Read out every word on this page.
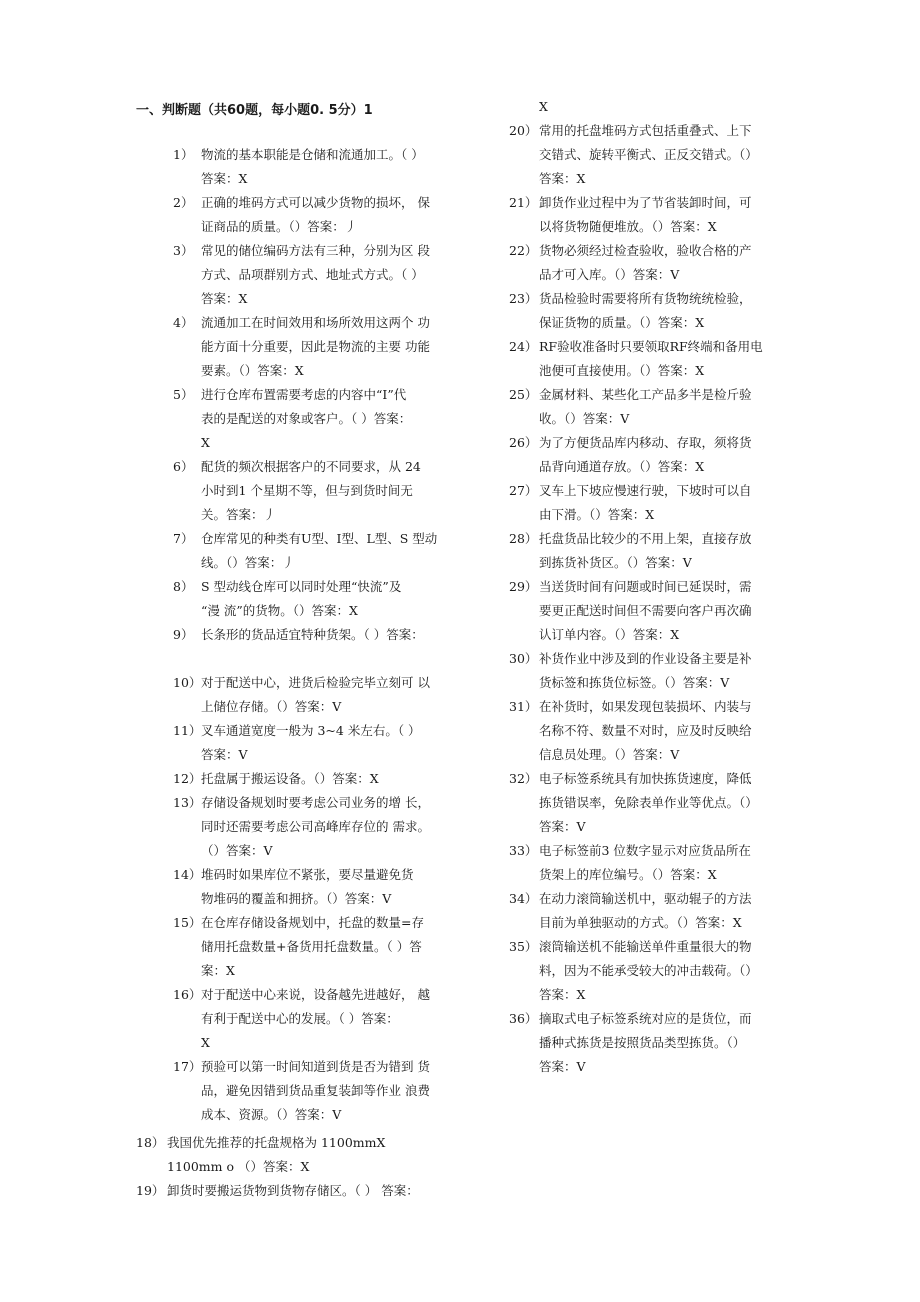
一、判断题（共60题，每小题0. 5分）1
1） 物流的基本职能是仓储和流通加工。（ ）
答案：X
2） 正确的堆码方式可以减少货物的损坏， 保
证商品的质量。（）答案：丿
3） 常见的储位编码方法有三种，分别为区 段
方式、品项群别方式、地址式方式。（ ）
答案：X
4） 流通加工在时间效用和场所效用这两个 功
能方面十分重要，因此是物流的主要 功能
要素。（）答案：X
5） 进行仓库布置需要考虑的内容中“I”代
表的是配送的对象或客户。（ ）答案：
X
6） 配货的频次根据客户的不同要求，从 24
小时到1 个星期不等，但与到货时间无
关。答案：丿
7） 仓库常见的种类有U型、I型、L型、S 型动
线。（）答案：丿
8） S 型动线仓库可以同时处理“快流”及
“漫 流”的货物。（）答案：X
9） 长条形的货品适宜特种货架。（ ）答案：
10） 对于配送中心，进货后检验完毕立刻可 以
上储位存储。（）答案：V
11） 叉车通道宽度一般为 3~4 米左右。（ ）
答案：V
12） 托盘属于搬运设备。（）答案：X
13） 存储设备规划时要考虑公司业务的增 长，
同时还需要考虑公司高峰库存位的 需求。
（）答案：V
14） 堆码时如果库位不紧张，要尽量避免货
物堆码的覆盖和拥挤。（）答案：V
15） 在仓库存储设备规划中，托盘的数量=存
储用托盘数量+备货用托盘数量。（ ）答
案：X
16） 对于配送中心来说，设备越先进越好， 越
有利于配送中心的发展。（ ）答案：
X
17） 预验可以第一时间知道到货是否为错到 货
品，避免因错到货品重复装卸等作业 浪费
成本、资源。（）答案：V
18） 我国优先推荐的托盘规格为 1100mmX
1100mm o （）答案：X
19） 卸货时要搬运货物到货物存储区。（ ） 答案：
X
20） 常用的托盘堆码方式包括重叠式、上下
交错式、旋转平衡式、正反交错式。（）
答案：X
21） 卸货作业过程中为了节省装卸时间，可
以将货物随便堆放。（）答案：X
22） 货物必须经过检查验收，验收合格的产
品才可入库。（）答案：V
23） 货品检验时需要将所有货物统统检验，
保证货物的质量。（）答案：X
24） RF验收准备时只要领取RF终端和备用电
池便可直接使用。（）答案：X
25） 金属材料、某些化工产品多半是检斤验
收。（）答案：V
26） 为了方便货品库内移动、存取，须将货
品背向通道存放。（）答案：X
27） 叉车上下坡应慢速行驶，下坡时可以自
由下滑。（）答案：X
28） 托盘货品比较少的不用上架，直接存放
到拣货补货区。（）答案：V
29） 当送货时间有问题或时间已延误时，需
要更正配送时间但不需要向客户再次确
认订单内容。（）答案：X
30） 补货作业中涉及到的作业设备主要是补
货标签和拣货位标签。（）答案：V
31） 在补货时，如果发现包装损坏、内装与
名称不符、数量不对时，应及时反映给
信息员处理。（）答案：V
32） 电子标签系统具有加快拣货速度，降低
拣货错误率，免除表单作业等优点。（）
答案：V
33） 电子标签前3 位数字显示对应货品所在
货架上的库位编号。（）答案：X
34） 在动力滚筒输送机中，驱动辊子的方法
目前为单独驱动的方式。（）答案：X
35） 滚筒输送机不能输送单件重量很大的物
料，因为不能承受较大的冲击载荷。（）
答案：X
36） 摘取式电子标签系统对应的是货位，而
播种式拣货是按照货品类型拣货。（）
答案：V
